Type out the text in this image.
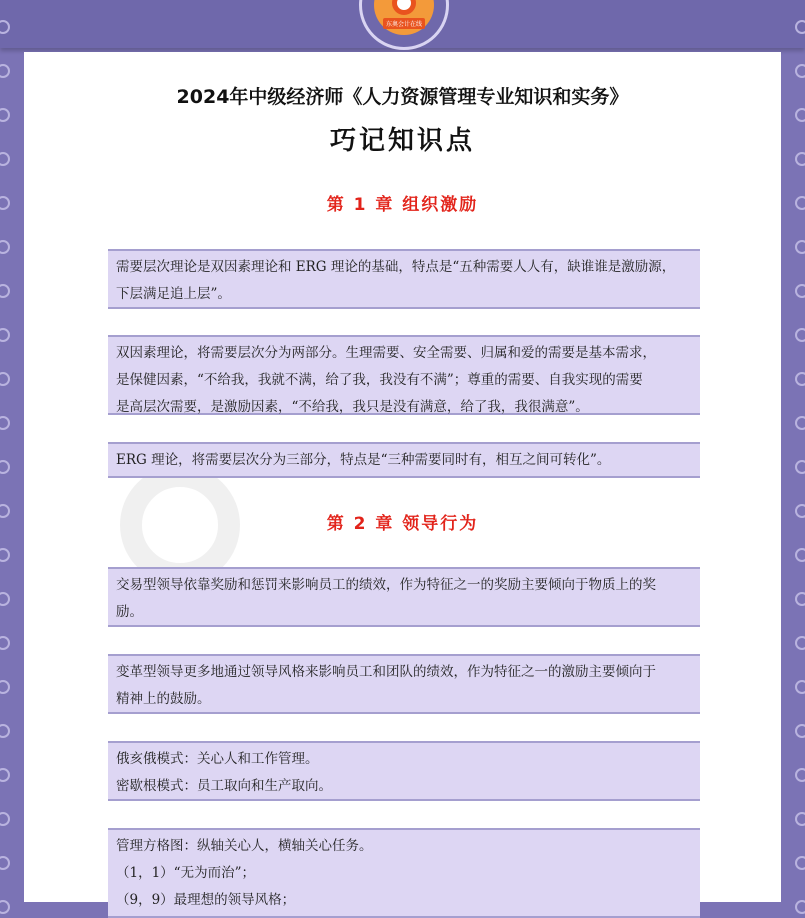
东奥会计在线
2024年中级经济师《人力资源管理专业知识和实务》
巧记知识点
第 1 章 组织激励

需要层次理论是双因素理论和 ERG 理论的基础，特点是“五种需要人人有，缺谁谁是激励源，

下层满足追上层”。

双因素理论，将需要层次分为两部分。生理需要、安全需要、归属和爱的需要是基本需求，

是保健因素，“不给我，我就不满，给了我，我没有不满”；尊重的需要、自我实现的需要

是高层次需要，是激励因素，“不给我，我只是没有满意，给了我，我很满意”。

ERG 理论，将需要层次分为三部分，特点是“三种需要同时有，相互之间可转化”。

第 2 章 领导行为

交易型领导依靠奖励和惩罚来影响员工的绩效，作为特征之一的奖励主要倾向于物质上的奖

励。

变革型领导更多地通过领导风格来影响员工和团队的绩效，作为特征之一的激励主要倾向于

精神上的鼓励。

俄亥俄模式：关心人和工作管理。

密歇根模式：员工取向和生产取向。

管理方格图：纵轴关心人，横轴关心任务。

（1，1）“无为而治”；

（9，9）最理想的领导风格；
